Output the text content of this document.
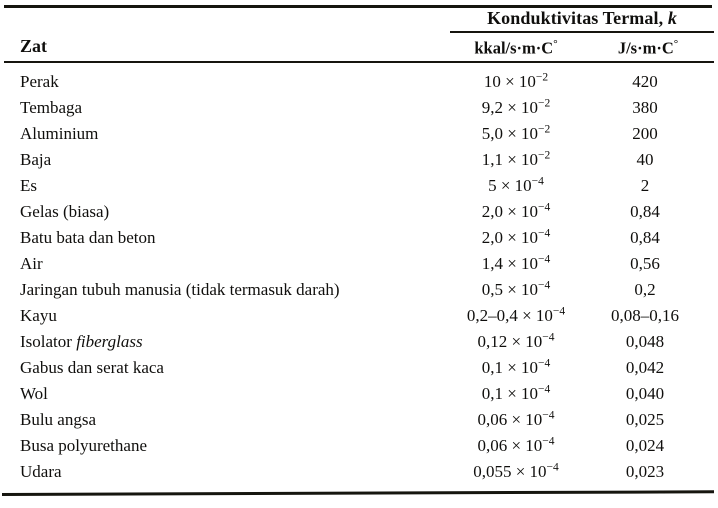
Konduktivitas Termal, k
Zat	kkal/s·m·C°	J/s·m·C°
Perak	$10 \times 10^{-2}$	420
Tembaga	$9,2 \times 10^{-2}$	380
Aluminium	$5,0 \times 10^{-2}$	200
Baja	$1,1 \times 10^{-2}$	40
Es	$5 \times 10^{-4}$	2
Gelas (biasa)	$2,0 \times 10^{-4}$	0,84
Batu bata dan beton	$2,0 \times 10^{-4}$	0,84
Air	$1,4 \times 10^{-4}$	0,56
Jaringan tubuh manusia (tidak termasuk darah)	$0,5 \times 10^{-4}$	0,2
Kayu	$0,2-0,4 \times 10^{-4}$	0,08–0,16
Isolator fiberglass	$0,12 \times 10^{-4}$	0,048
Gabus dan serat kaca	$0,1 \times 10^{-4}$	0,042
Wol	$0,1 \times 10^{-4}$	0,040
Bulu angsa	$0,06 \times 10^{-4}$	0,025
Busa polyurethane	$0,06 \times 10^{-4}$	0,024
Udara	$0,055 \times 10^{-4}$	0,023
